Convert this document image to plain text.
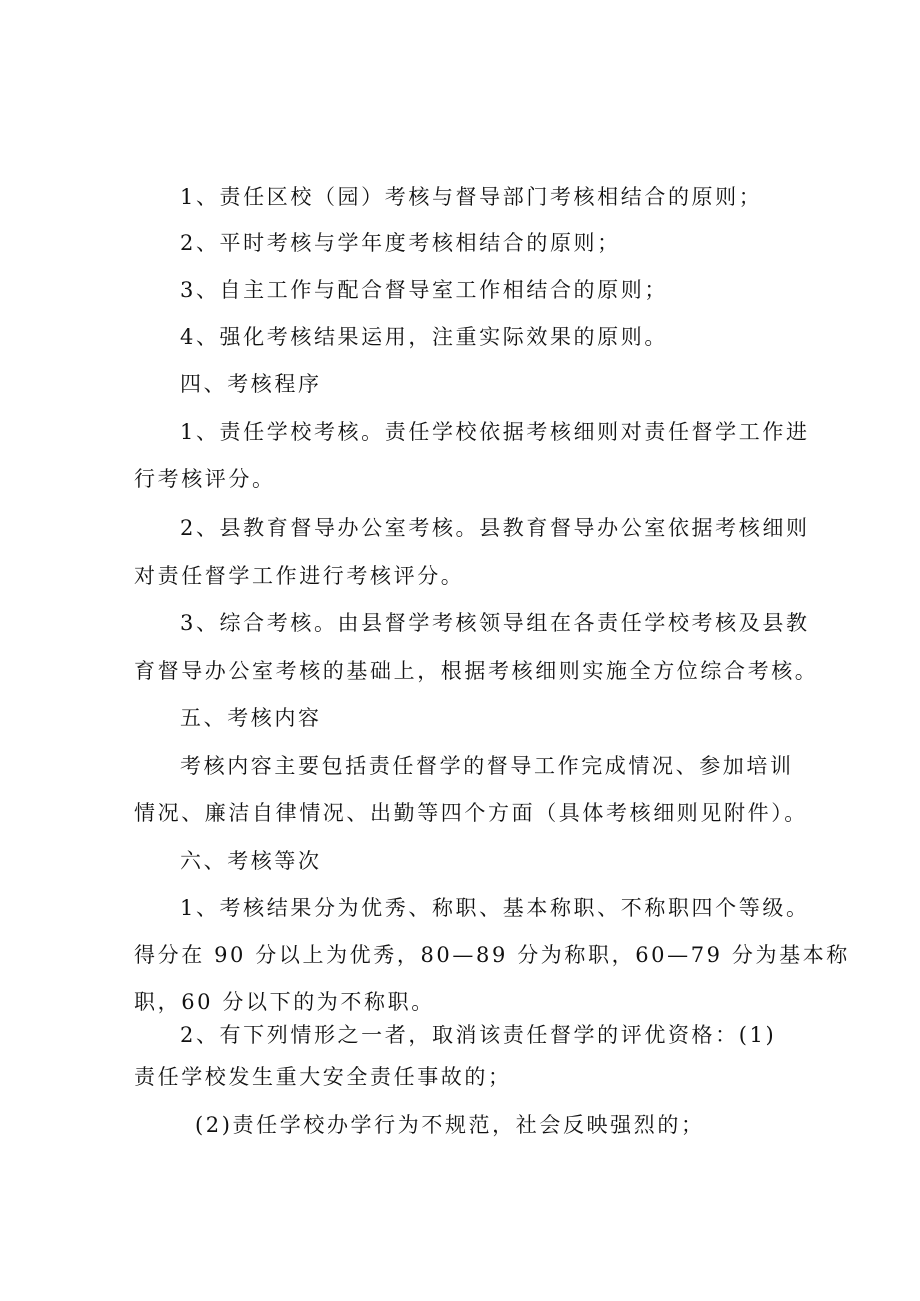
1、责任区校（园）考核与督导部门考核相结合的原则；
2、平时考核与学年度考核相结合的原则；
3、自主工作与配合督导室工作相结合的原则；
4、强化考核结果运用，注重实际效果的原则。
四、考核程序
1、责任学校考核。责任学校依据考核细则对责任督学工作进
行考核评分。
2、县教育督导办公室考核。县教育督导办公室依据考核细则
对责任督学工作进行考核评分。
3、综合考核。由县督学考核领导组在各责任学校考核及县教
育督导办公室考核的基础上，根据考核细则实施全方位综合考核。
五、考核内容
考核内容主要包括责任督学的督导工作完成情况、参加培训
情况、廉洁自律情况、出勤等四个方面（具体考核细则见附件）。
六、考核等次
1、考核结果分为优秀、称职、基本称职、不称职四个等级。
得分在 90 分以上为优秀，80—89 分为称职，60—79 分为基本称
职，60 分以下的为不称职。
2、有下列情形之一者，取消该责任督学的评优资格：(1)
责任学校发生重大安全责任事故的；
(2)责任学校办学行为不规范，社会反映强烈的；
